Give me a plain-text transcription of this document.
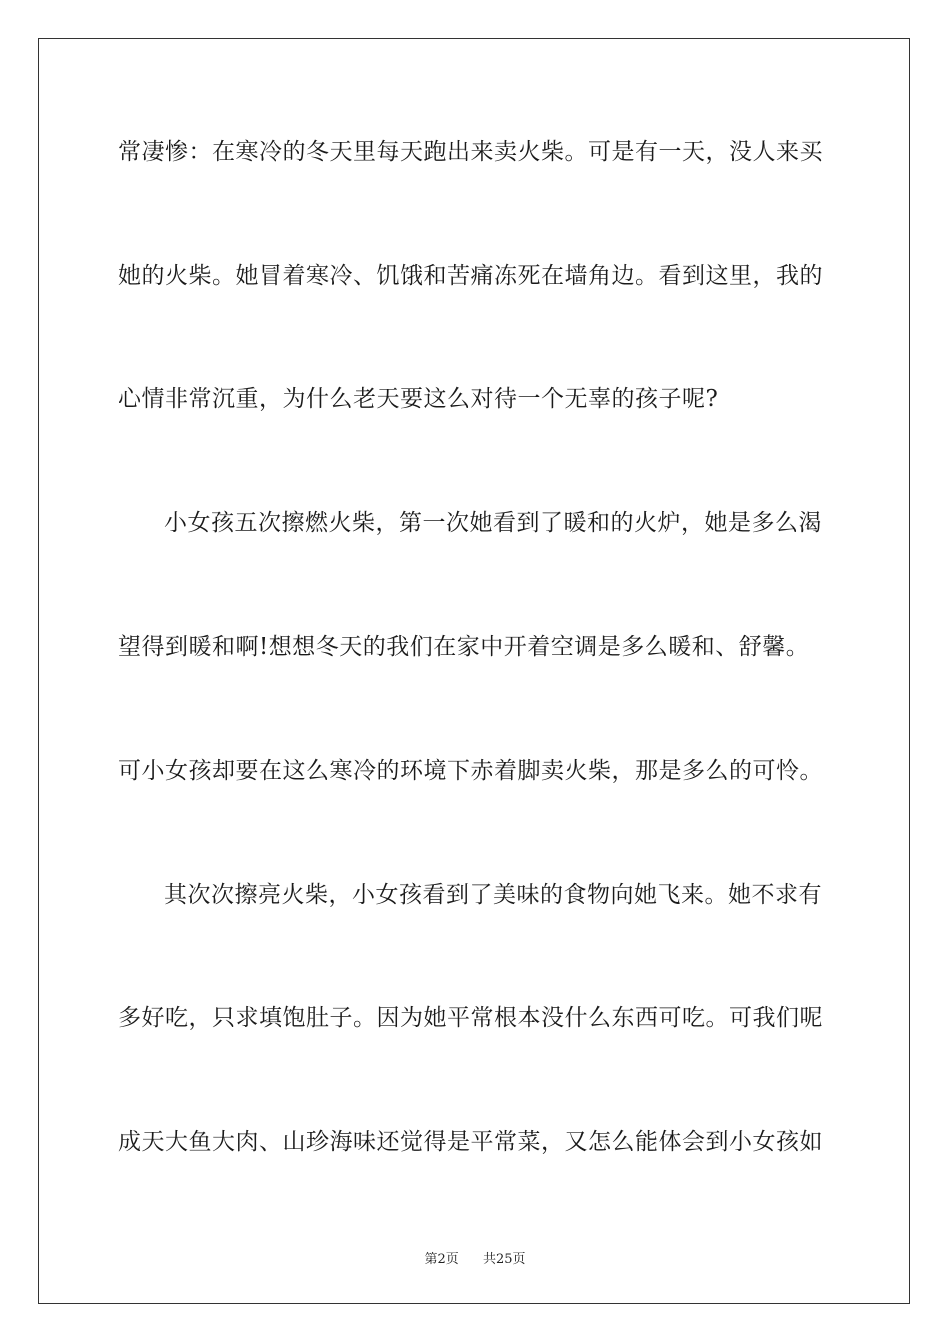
常凄惨：在寒冷的冬天里每天跑出来卖火柴。可是有一天，没人来买
她的火柴。她冒着寒冷、饥饿和苦痛冻死在墙角边。看到这里，我的
心情非常沉重，为什么老天要这么对待一个无辜的孩子呢?
小女孩五次擦燃火柴，第一次她看到了暖和的火炉，她是多么渴
望得到暖和啊!想想冬天的我们在家中开着空调是多么暖和、舒馨。
可小女孩却要在这么寒冷的环境下赤着脚卖火柴，那是多么的可怜。
其次次擦亮火柴，小女孩看到了美味的食物向她飞来。她不求有
多好吃，只求填饱肚子。因为她平常根本没什么东西可吃。可我们呢
成天大鱼大肉、山珍海味还觉得是平常菜，又怎么能体会到小女孩如
第2页 共25页
